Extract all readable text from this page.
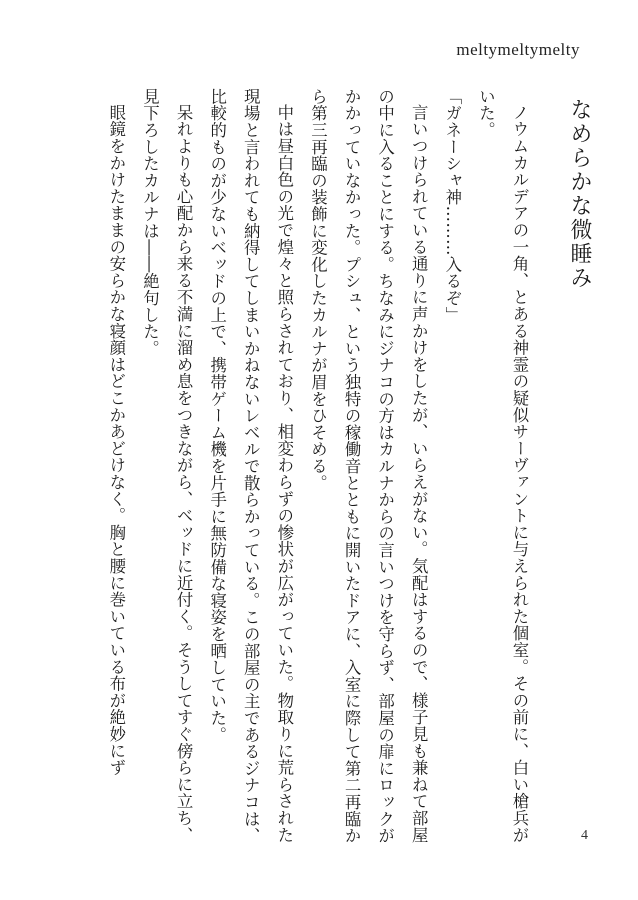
meltymeltymelty
なめらかな微睡み

ノウムカルデアの一角、とある神霊の疑似サーヴァントに与えられた個室。その前に、白い槍兵がいた。

「ガネーシャ神………入るぞ」

言いつけられている通りに声かけをしたが、いらえがない。気配はするので、様子見も兼ねて部屋の中に入ることにする。ちなみにジナコの方はカルナからの言いつけを守らず、部屋の扉にロックがかかっていなかった。プシュ、という独特の稼働音とともに開いたドアに、入室に際して第二再臨から第三再臨の装飾に変化したカルナが眉をひそめる。

中は昼白色の光で煌々と照らされており、相変わらずの惨状が広がっていた。物取りに荒らされた現場と言われても納得してしまいかねないレベルで散らかっている。この部屋の主であるジナコは、比較的ものが少ないベッドの上で、携帯ゲーム機を片手に無防備な寝姿を晒していた。

呆れよりも心配から来る不満に溜め息をつきながら、ベッドに近付く。そうしてすぐ傍らに立ち、見下ろしたカルナは――絶句した。

眼鏡をかけたままの安らかな寝顔はどこかあどけなく。胸と腰に巻いている布が絶妙にず

4
